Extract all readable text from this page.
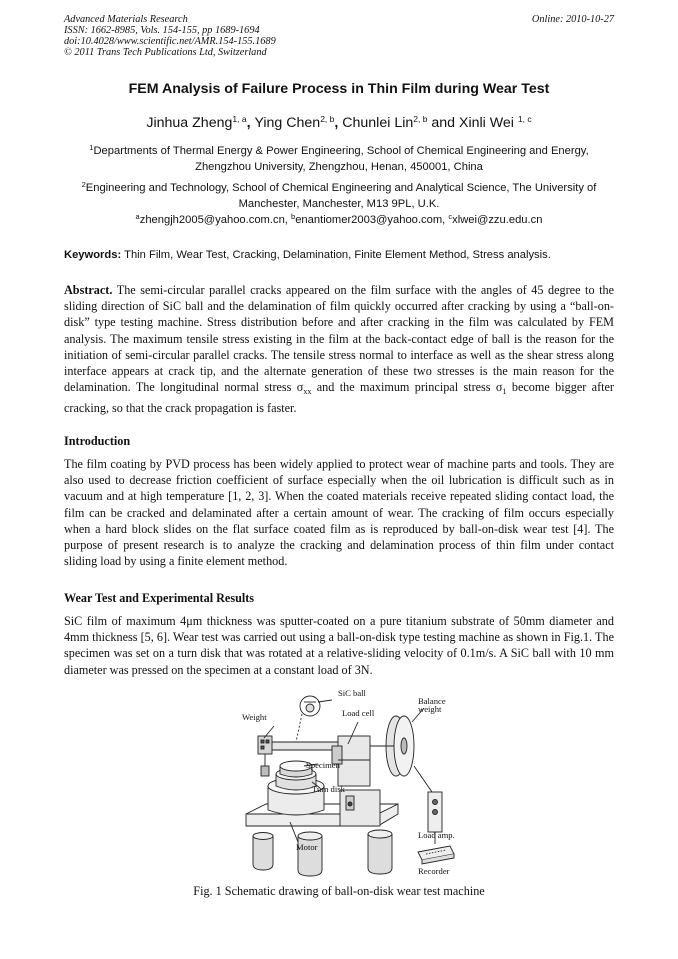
Advanced Materials Research
ISSN: 1662-8985, Vols. 154-155, pp 1689-1694
doi:10.4028/www.scientific.net/AMR.154-155.1689
© 2011 Trans Tech Publications Ltd, Switzerland
Online: 2010-10-27
FEM Analysis of Failure Process in Thin Film during Wear Test
Jinhua Zheng$^{1, a}$, Ying Chen$^{2, b}$, Chunlei Lin$^{2, b}$ and Xinli Wei $^{1, c}$
$^1$Departments of Thermal Energy & Power Engineering, School of Chemical Engineering and Energy, Zhengzhou University, Zhengzhou, Henan, 450001, China
$^2$Engineering and Technology, School of Chemical Engineering and Analytical Science, The University of Manchester, Manchester, M13 9PL, U.K.
$^a$zhengjh2005@yahoo.com.cn, $^b$enantiomer2003@yahoo.com, $^c$xlwei@zzu.edu.cn
Keywords: Thin Film, Wear Test, Cracking, Delamination, Finite Element Method, Stress analysis.
Abstract. The semi-circular parallel cracks appeared on the film surface with the angles of 45 degree to the sliding direction of SiC ball and the delamination of film quickly occurred after cracking by using a “ball-on-disk” type testing machine. Stress distribution before and after cracking in the film was calculated by FEM analysis. The maximum tensile stress existing in the film at the back-contact edge of ball is the reason for the initiation of semi-circular parallel cracks. The tensile stress normal to interface as well as the shear stress along interface appears at crack tip, and the alternate generation of these two stresses is the main reason for the delamination. The longitudinal normal stress $\sigma_{xx}$ and the maximum principal stress $\sigma_1$ become bigger after cracking, so that the crack propagation is faster.
Introduction
The film coating by PVD process has been widely applied to protect wear of machine parts and tools. They are also used to decrease friction coefficient of surface especially when the oil lubrication is difficult such as in vacuum and at high temperature [1, 2, 3]. When the coated materials receive repeated sliding contact load, the film can be cracked and delaminated after a certain amount of wear. The cracking of film occurs especially when a hard block slides on the flat surface coated film as is reproduced by ball-on-disk wear test [4]. The purpose of present research is to analyze the cracking and delamination process of thin film under contact sliding load by using a finite element method.
Wear Test and Experimental Results
SiC film of maximum 4μm thickness was sputter-coated on a pure titanium substrate of 50mm diameter and 4mm thickness [5, 6]. Wear test was carried out using a ball-on-disk type testing machine as shown in Fig.1. The specimen was set on a turn disk that was rotated at a relative-sliding velocity of 0.1m/s. A SiC ball with 10 mm diameter was pressed on the specimen at a constant load of 3N.
SiC ball
Balance
weight
Weight	Load cell
Specimen
Turn disk
Load amp.
Motor
Recorder
Fig. 1 Schematic drawing of ball-on-disk wear test machine
